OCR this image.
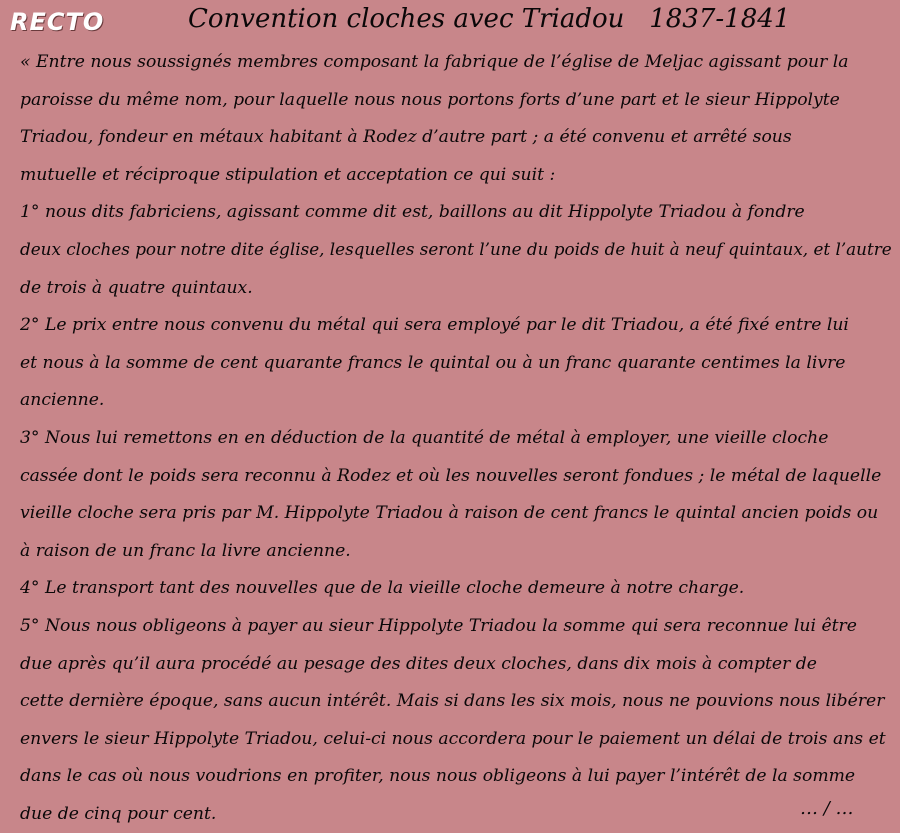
RECTO	Convention cloches avec Triadou   1837-1841
« Entre nous soussignés membres composant la fabrique de l’église de Meljac agissant pour la
paroisse du même nom, pour laquelle nous nous portons forts d’une part et le sieur Hippolyte
Triadou, fondeur en métaux habitant à Rodez d’autre part ; a été convenu et arrêté sous
mutuelle et réciproque stipulation et acceptation ce qui suit :
1° nous dits fabriciens, agissant comme dit est, baillons au dit Hippolyte Triadou à fondre
deux cloches pour notre dite église, lesquelles seront l’une du poids de huit à neuf quintaux, et l’autre
de trois à quatre quintaux.
2° Le prix entre nous convenu du métal qui sera employé par le dit Triadou, a été fixé entre lui
et nous à la somme de cent quarante francs le quintal ou à un franc quarante centimes la livre
ancienne.
3° Nous lui remettons en en déduction de la quantité de métal à employer, une vieille cloche
cassée dont le poids sera reconnu à Rodez et où les nouvelles seront fondues ; le métal de laquelle
vieille cloche sera pris par M. Hippolyte Triadou à raison de cent francs le quintal ancien poids ou
à raison de un franc la livre ancienne.
4° Le transport tant des nouvelles que de la vieille cloche demeure à notre charge.
5° Nous nous obligeons à payer au sieur Hippolyte Triadou la somme qui sera reconnue lui être
due après qu’il aura procédé au pesage des dites deux cloches, dans dix mois à compter de
cette dernière époque, sans aucun intérêt. Mais si dans les six mois, nous ne pouvions nous libérer
envers le sieur Hippolyte Triadou, celui-ci nous accordera pour le paiement un délai de trois ans et
dans le cas où nous voudrions en profiter, nous nous obligeons à lui payer l’intérêt de la somme
due de cinq pour cent.	… / …
